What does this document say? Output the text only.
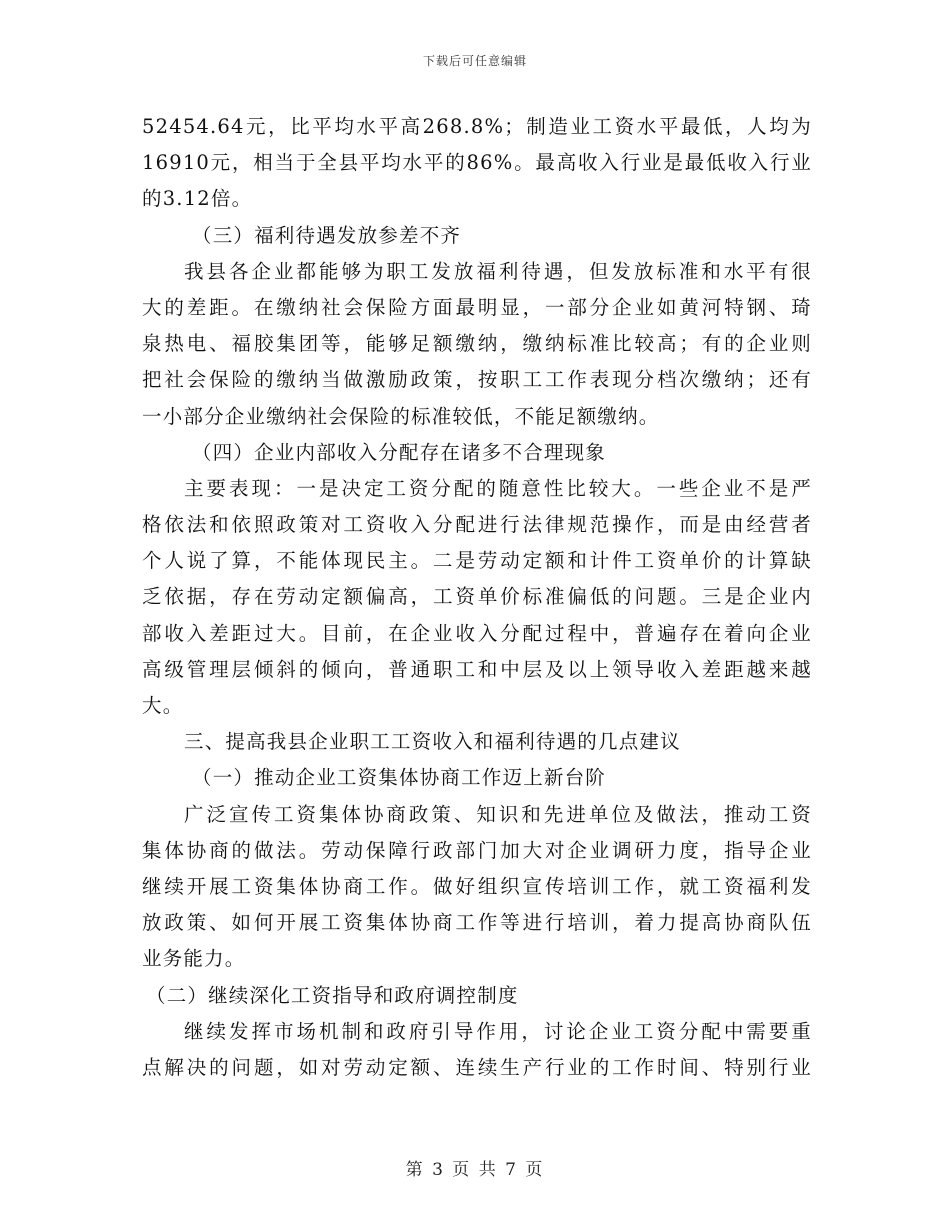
下载后可任意编辑
52454.64元，比平均水平高268.8%；制造业工资水平最低，人均为
16910元，相当于全县平均水平的86%。最高收入行业是最低收入行业
的3.12倍。
（三）福利待遇发放参差不齐
我县各企业都能够为职工发放福利待遇，但发放标准和水平有很
大的差距。在缴纳社会保险方面最明显，一部分企业如黄河特钢、琦
泉热电、福胶集团等，能够足额缴纳，缴纳标准比较高；有的企业则
把社会保险的缴纳当做激励政策，按职工工作表现分档次缴纳；还有
一小部分企业缴纳社会保险的标准较低，不能足额缴纳。
（四）企业内部收入分配存在诸多不合理现象
主要表现：一是决定工资分配的随意性比较大。一些企业不是严
格依法和依照政策对工资收入分配进行法律规范操作，而是由经营者
个人说了算，不能体现民主。二是劳动定额和计件工资单价的计算缺
乏依据，存在劳动定额偏高，工资单价标准偏低的问题。三是企业内
部收入差距过大。目前，在企业收入分配过程中，普遍存在着向企业
高级管理层倾斜的倾向，普通职工和中层及以上领导收入差距越来越
大。
三、提高我县企业职工工资收入和福利待遇的几点建议
（一）推动企业工资集体协商工作迈上新台阶
广泛宣传工资集体协商政策、知识和先进单位及做法，推动工资
集体协商的做法。劳动保障行政部门加大对企业调研力度，指导企业
继续开展工资集体协商工作。做好组织宣传培训工作，就工资福利发
放政策、如何开展工资集体协商工作等进行培训，着力提高协商队伍
业务能力。
（二）继续深化工资指导和政府调控制度
继续发挥市场机制和政府引导作用，讨论企业工资分配中需要重
点解决的问题，如对劳动定额、连续生产行业的工作时间、特别行业
第 3 页 共 7 页
